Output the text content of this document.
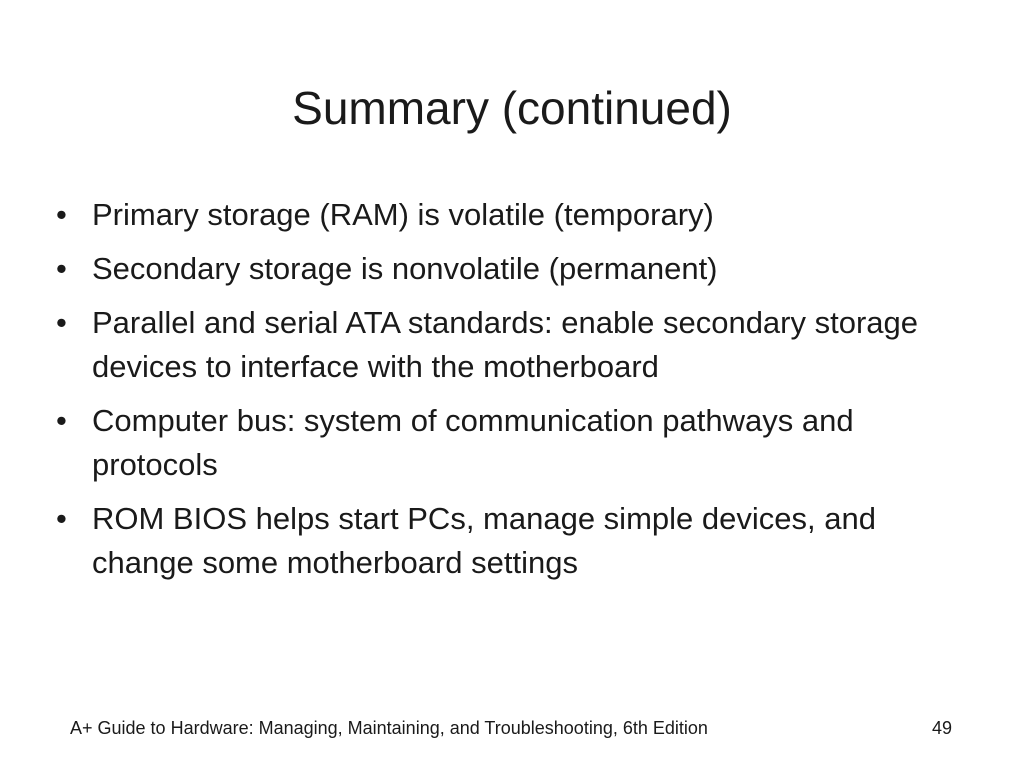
Summary (continued)
• Primary storage (RAM) is volatile (temporary)
• Secondary storage is nonvolatile (permanent)
• Parallel and serial ATA standards: enable secondary storage devices to interface with the motherboard
• Computer bus: system of communication pathways and protocols
• ROM BIOS helps start PCs, manage simple devices, and change some motherboard settings
A+ Guide to Hardware: Managing, Maintaining, and Troubleshooting, 6th Edition	49
